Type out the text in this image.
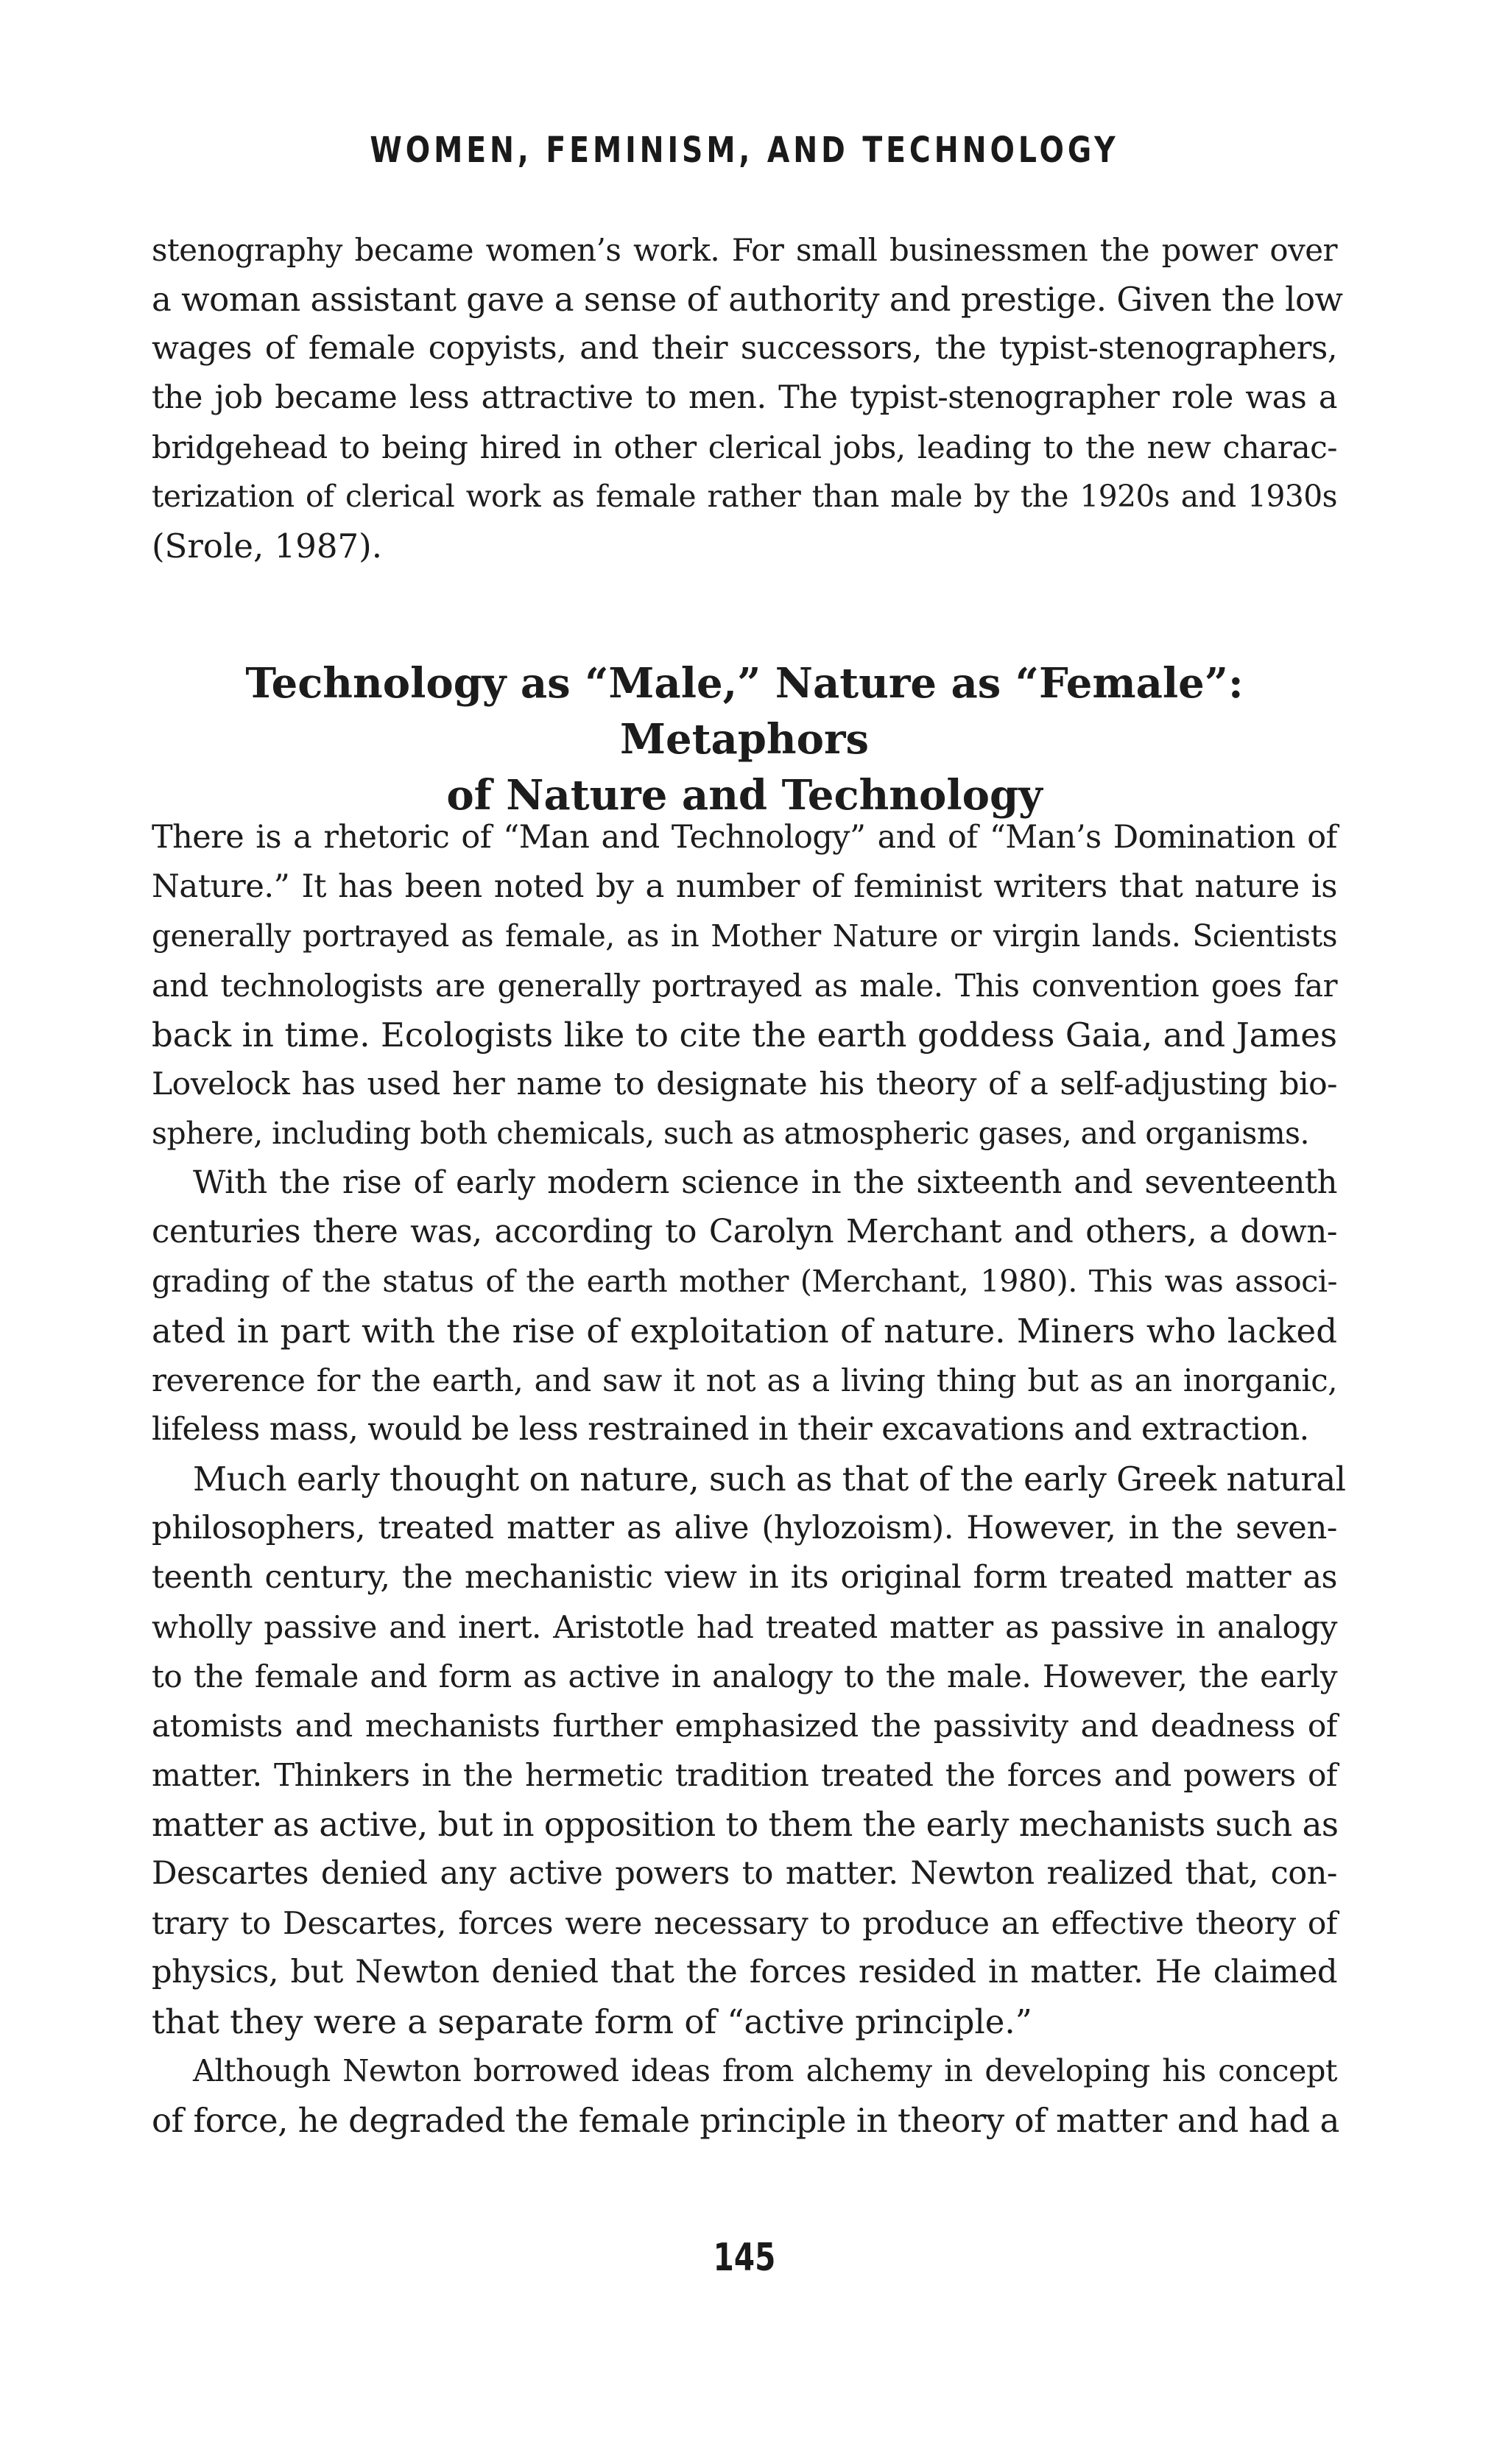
WOMEN, FEMINISM, AND TECHNOLOGY
stenography became women’s work. For small businessmen the power over
a woman assistant gave a sense of authority and prestige. Given the low
wages of female copyists, and their successors, the typist-stenographers,
the job became less attractive to men. The typist-stenographer role was a
bridgehead to being hired in other clerical jobs, leading to the new charac-
terization of clerical work as female rather than male by the 1920s and 1930s
(Srole, 1987).
Technology as “Male,” Nature as “Female”: Metaphors
of Nature and Technology
There is a rhetoric of “Man and Technology” and of “Man’s Domination of
Nature.” It has been noted by a number of feminist writers that nature is
generally portrayed as female, as in Mother Nature or virgin lands. Scientists
and technologists are generally portrayed as male. This convention goes far
back in time. Ecologists like to cite the earth goddess Gaia, and James
Lovelock has used her name to designate his theory of a self-adjusting bio-
sphere, including both chemicals, such as atmospheric gases, and organisms.
With the rise of early modern science in the sixteenth and seventeenth
centuries there was, according to Carolyn Merchant and others, a down-
grading of the status of the earth mother (Merchant, 1980). This was associ-
ated in part with the rise of exploitation of nature. Miners who lacked
reverence for the earth, and saw it not as a living thing but as an inorganic,
lifeless mass, would be less restrained in their excavations and extraction.
Much early thought on nature, such as that of the early Greek natural
philosophers, treated matter as alive (hylozoism). However, in the seven-
teenth century, the mechanistic view in its original form treated matter as
wholly passive and inert. Aristotle had treated matter as passive in analogy
to the female and form as active in analogy to the male. However, the early
atomists and mechanists further emphasized the passivity and deadness of
matter. Thinkers in the hermetic tradition treated the forces and powers of
matter as active, but in opposition to them the early mechanists such as
Descartes denied any active powers to matter. Newton realized that, con-
trary to Descartes, forces were necessary to produce an effective theory of
physics, but Newton denied that the forces resided in matter. He claimed
that they were a separate form of “active principle.”
Although Newton borrowed ideas from alchemy in developing his concept
of force, he degraded the female principle in theory of matter and had a
145
